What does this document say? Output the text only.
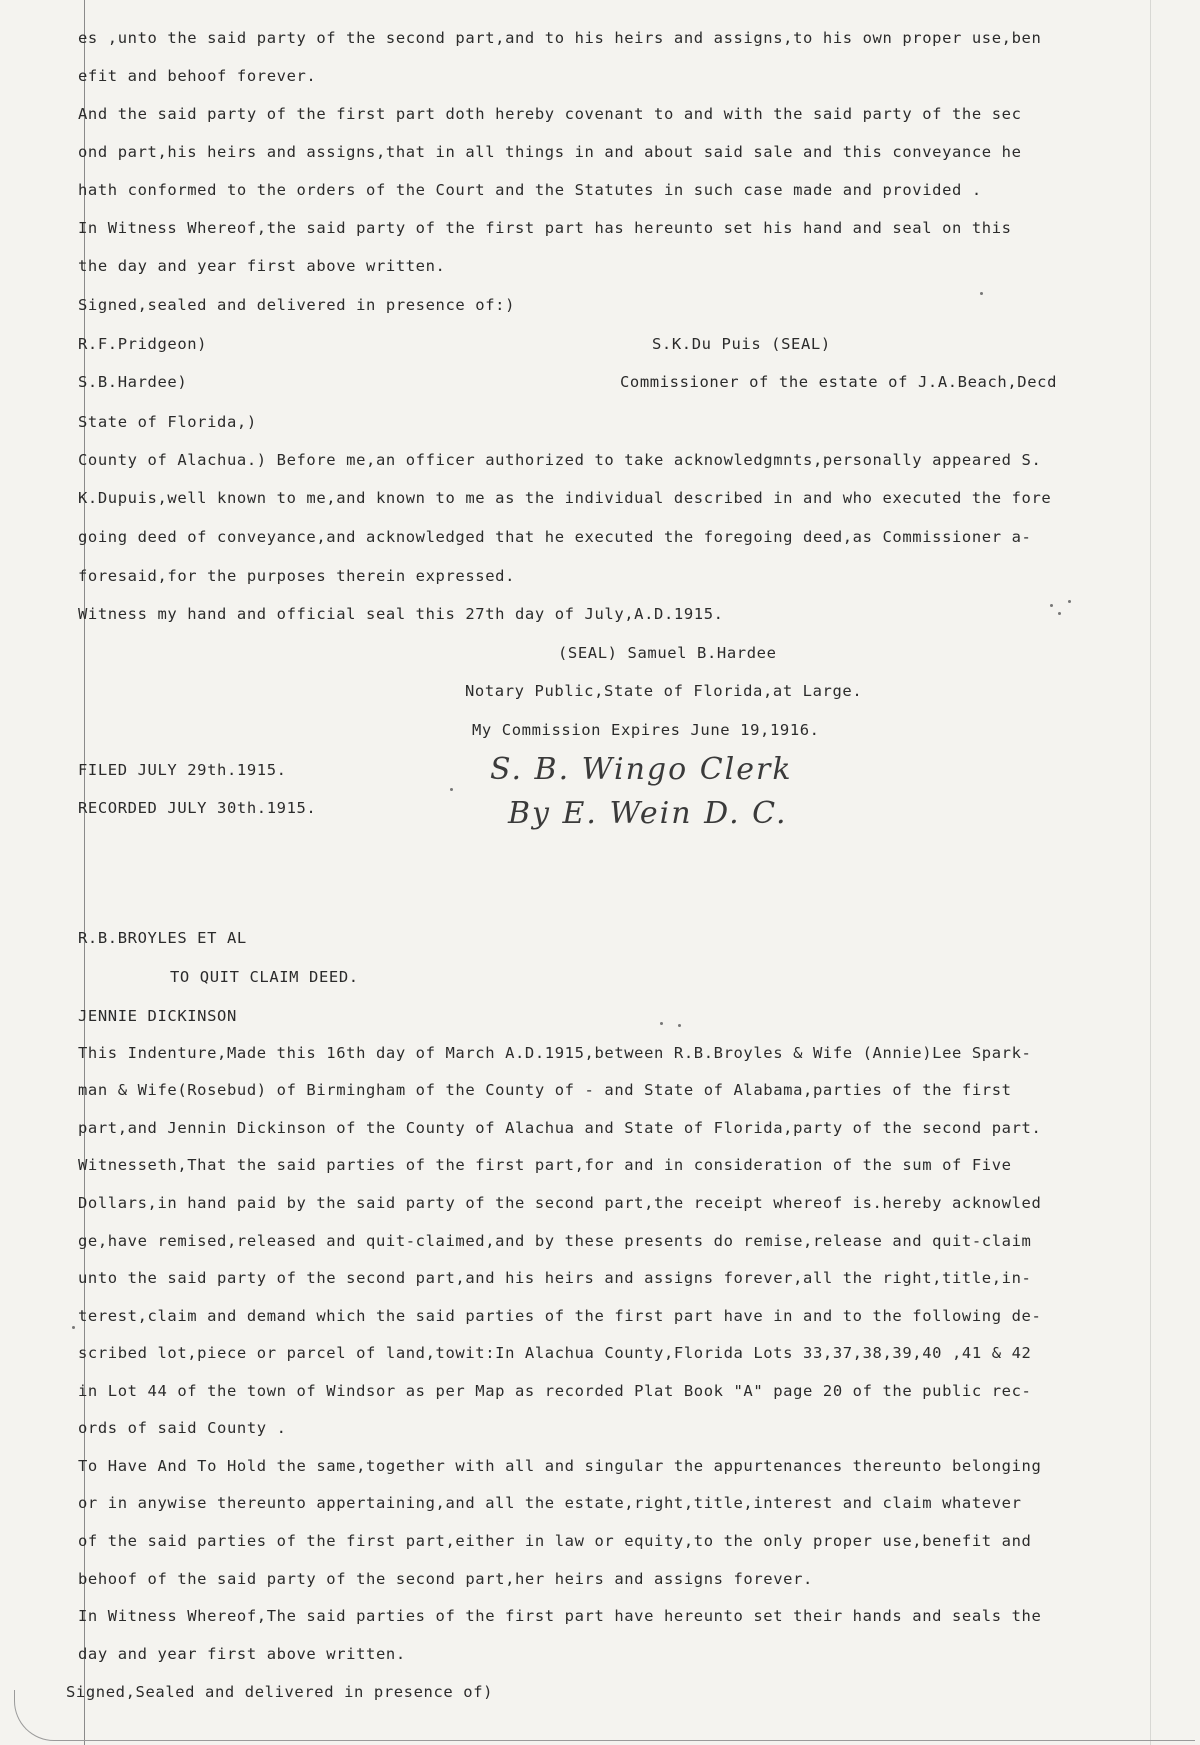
es ,unto the said party of the second part,and to his heirs and assigns,to his own proper use,ben
efit and behoof forever.
And the said party of the first part doth hereby covenant to and with the said party of the sec
ond part,his heirs and assigns,that in all things in and about said sale and this conveyance he
hath conformed to the orders of the Court and the Statutes in such case made and provided .
In Witness Whereof,the said party of the first part has hereunto set his hand and seal on this
the day and year first above written.
Signed,sealed and delivered in presence of:)
R.F.Pridgeon)	S.K.Du Puis (SEAL)
S.B.Hardee)	Commissioner of the estate of J.A.Beach,Decd
State of Florida,)
County of Alachua.) Before me,an officer authorized to take acknowledgmnts,personally appeared S.
K.Dupuis,well known to me,and known to me as the individual described in and who executed the fore
going deed of conveyance,and acknowledged that he executed the foregoing deed,as Commissioner a-
foresaid,for the purposes therein expressed.
Witness my hand and official seal this 27th day of July,A.D.1915.
(SEAL) Samuel B.Hardee
Notary Public,State of Florida,at Large.
My Commission Expires June 19,1916.
FILED JULY 29th.1915.
RECORDED JULY 30th.1915.
S. B. Wingo Clerk
By E. Wein D. C.
R.B.BROYLES ET AL
TO QUIT CLAIM DEED.
JENNIE DICKINSON
This Indenture,Made this 16th day of March A.D.1915,between R.B.Broyles & Wife (Annie)Lee Spark-
man & Wife(Rosebud) of Birmingham of the County of - and State of Alabama,parties of the first
part,and Jennin Dickinson of the County of Alachua and State of Florida,party of the second part.
Witnesseth,That the said parties of the first part,for and in consideration of the sum of Five
Dollars,in hand paid by the said party of the second part,the receipt whereof is.hereby acknowled
ge,have remised,released and quit-claimed,and by these presents do remise,release and quit-claim
unto the said party of the second part,and his heirs and assigns forever,all the right,title,in-
terest,claim and demand which the said parties of the first part have in and to the following de-
scribed lot,piece or parcel of land,towit:In Alachua County,Florida Lots 33,37,38,39,40 ,41 & 42
in Lot 44 of the town of Windsor as per Map as recorded Plat Book "A" page 20 of the public rec-
ords of said County .
To Have And To Hold the same,together with all and singular the appurtenances thereunto belonging
or in anywise thereunto appertaining,and all the estate,right,title,interest and claim whatever
of the said parties of the first part,either in law or equity,to the only proper use,benefit and
behoof of the said party of the second part,her heirs and assigns forever.
In Witness Whereof,The said parties of the first part have hereunto set their hands and seals the
day and year first above written.
Signed,Sealed and delivered in presence of)
